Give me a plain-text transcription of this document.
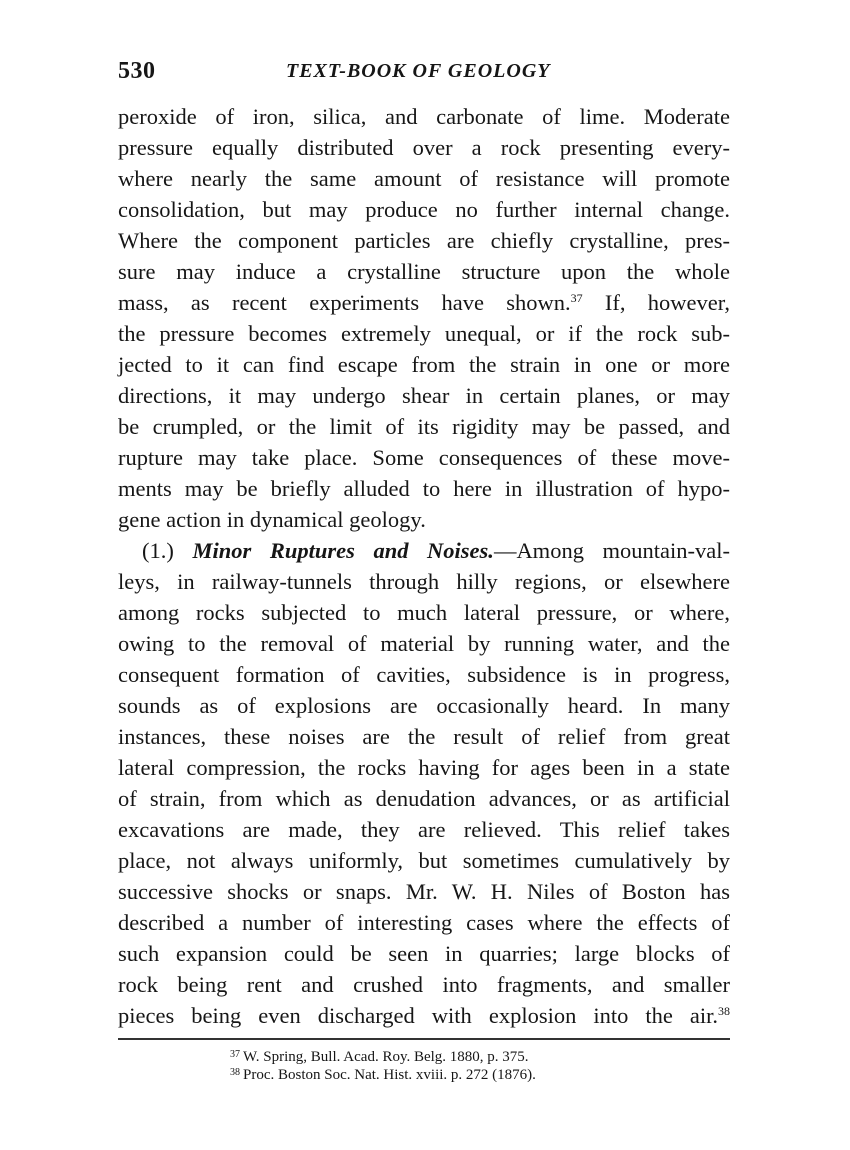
530	TEXT-BOOK OF GEOLOGY
peroxide of iron, silica, and carbonate of lime. Moderate
pressure equally distributed over a rock presenting every-
where nearly the same amount of resistance will promote
consolidation, but may produce no further internal change.
Where the component particles are chiefly crystalline, pres-
sure may induce a crystalline structure upon the whole
mass, as recent experiments have shown.$^{37}$ If, however,
the pressure becomes extremely unequal, or if the rock sub-
jected to it can find escape from the strain in one or more
directions, it may undergo shear in certain planes, or may
be crumpled, or the limit of its rigidity may be passed, and
rupture may take place. Some consequences of these move-
ments may be briefly alluded to here in illustration of hypo-
gene action in dynamical geology.
(1.) Minor Ruptures and Noises.—Among mountain-val-
leys, in railway-tunnels through hilly regions, or elsewhere
among rocks subjected to much lateral pressure, or where,
owing to the removal of material by running water, and the
consequent formation of cavities, subsidence is in progress,
sounds as of explosions are occasionally heard. In many
instances, these noises are the result of relief from great
lateral compression, the rocks having for ages been in a state
of strain, from which as denudation advances, or as artificial
excavations are made, they are relieved. This relief takes
place, not always uniformly, but sometimes cumulatively by
successive shocks or snaps. Mr. W. H. Niles of Boston has
described a number of interesting cases where the effects of
such expansion could be seen in quarries; large blocks of
rock being rent and crushed into fragments, and smaller
pieces being even discharged with explosion into the air.$^{38}$
$^{37}$ W. Spring, Bull. Acad. Roy. Belg. 1880, p. 375.
$^{38}$ Proc. Boston Soc. Nat. Hist. xviii. p. 272 (1876).
